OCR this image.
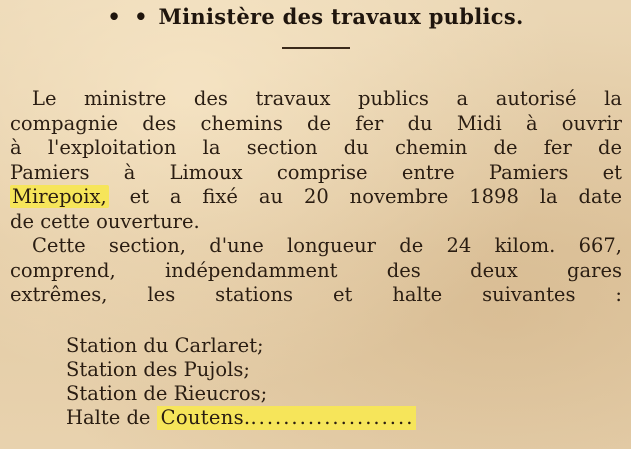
• • Ministère des travaux publics.
Le ministre des travaux publics a autorisé la
compagnie des chemins de fer du Midi à ouvrir
à l'exploitation la section du chemin de fer de
Pamiers à Limoux comprise entre Pamiers et
Mirepoix, et a fixé au 20 novembre 1898 la date
de cette ouverture.
Cette section, d'une longueur de 24 kilom. 667,
comprend, indépendamment des deux gares
extrêmes, les stations et halte suivantes :
Station du Carlaret;
Station des Pujols;
Station de Rieucros;
Halte de Coutens.....................
